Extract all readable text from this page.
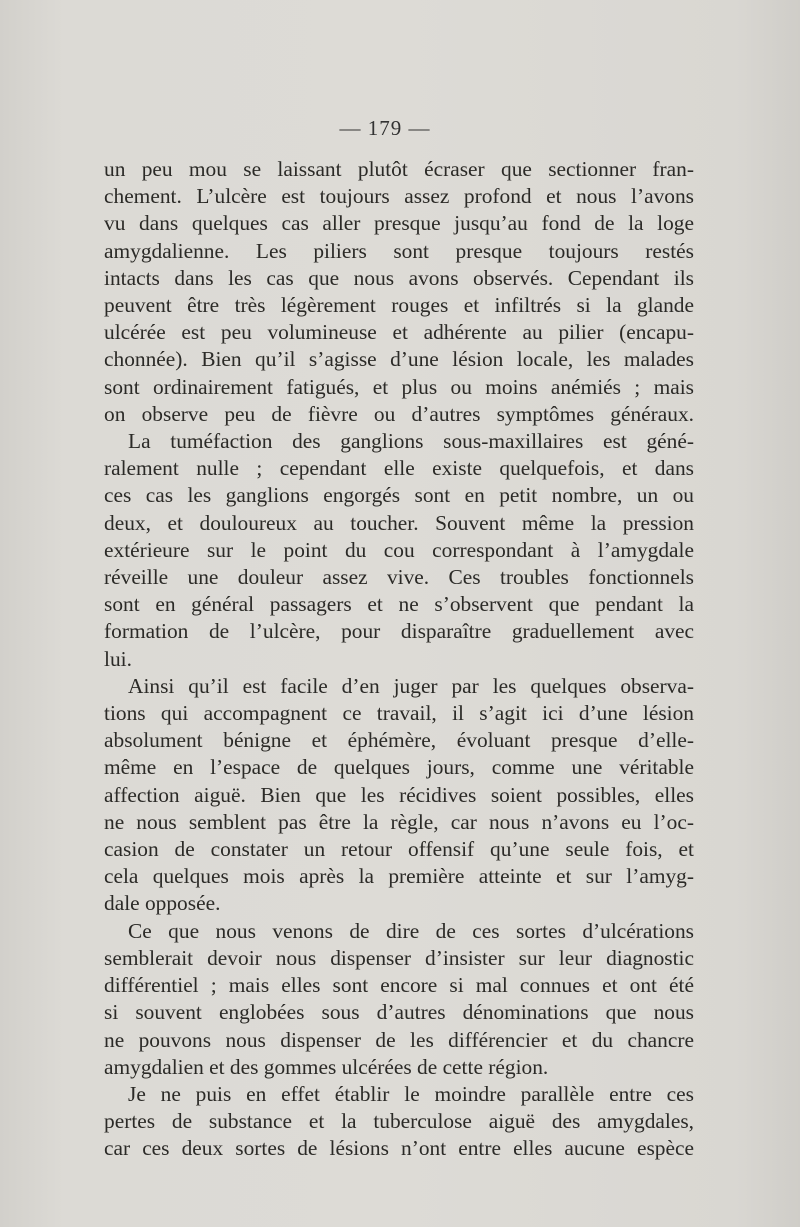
— 179 —
un peu mou se laissant plutôt écraser que sectionner fran-
chement. L’ulcère est toujours assez profond et nous l’avons
vu dans quelques cas aller presque jusqu’au fond de la loge
amygdalienne. Les piliers sont presque toujours restés
intacts dans les cas que nous avons observés. Cependant ils
peuvent être très légèrement rouges et infiltrés si la glande
ulcérée est peu volumineuse et adhérente au pilier (encapu-
chonnée). Bien qu’il s’agisse d’une lésion locale, les malades
sont ordinairement fatigués, et plus ou moins anémiés ; mais
on observe peu de fièvre ou d’autres symptômes généraux.
La tuméfaction des ganglions sous-maxillaires est géné-
ralement nulle ; cependant elle existe quelquefois, et dans
ces cas les ganglions engorgés sont en petit nombre, un ou
deux, et douloureux au toucher. Souvent même la pression
extérieure sur le point du cou correspondant à l’amygdale
réveille une douleur assez vive. Ces troubles fonctionnels
sont en général passagers et ne s’observent que pendant la
formation de l’ulcère, pour disparaître graduellement avec
lui.
Ainsi qu’il est facile d’en juger par les quelques observa-
tions qui accompagnent ce travail, il s’agit ici d’une lésion
absolument bénigne et éphémère, évoluant presque d’elle-
même en l’espace de quelques jours, comme une véritable
affection aiguë. Bien que les récidives soient possibles, elles
ne nous semblent pas être la règle, car nous n’avons eu l’oc-
casion de constater un retour offensif qu’une seule fois, et
cela quelques mois après la première atteinte et sur l’amyg-
dale opposée.
Ce que nous venons de dire de ces sortes d’ulcérations
semblerait devoir nous dispenser d’insister sur leur diagnostic
différentiel ; mais elles sont encore si mal connues et ont été
si souvent englobées sous d’autres dénominations que nous
ne pouvons nous dispenser de les différencier et du chancre
amygdalien et des gommes ulcérées de cette région.
Je ne puis en effet établir le moindre parallèle entre ces
pertes de substance et la tuberculose aiguë des amygdales,
car ces deux sortes de lésions n’ont entre elles aucune espèce
